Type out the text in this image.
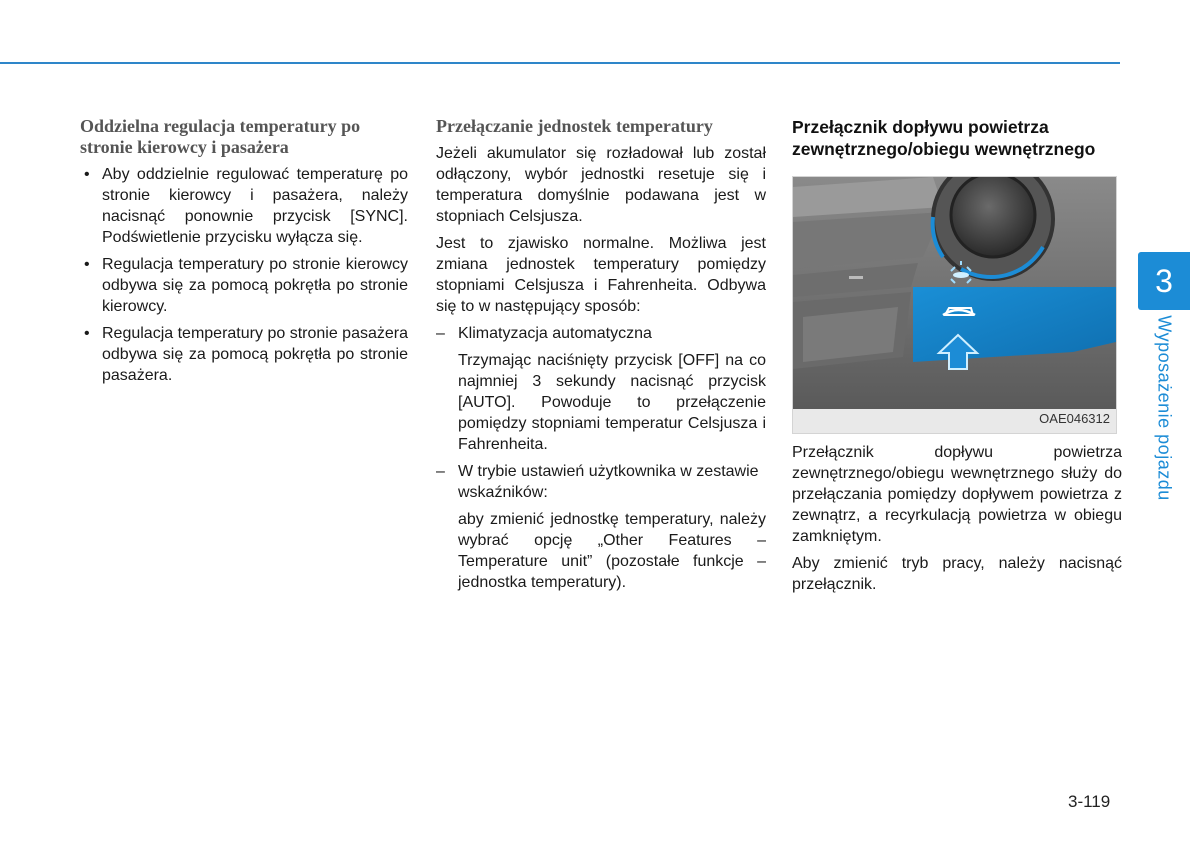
Oddzielna regulacja temperatury po stronie kierowcy i pasażera
• Aby oddzielnie regulować temperaturę po stronie kierowcy i pasażera, należy nacisnąć ponownie przycisk [SYNC]. Podświetlenie przycisku wyłącza się.
• Regulacja temperatury po stronie kierowcy odbywa się za pomocą pokrętła po stronie kierowcy.
• Regulacja temperatury po stronie pasażera odbywa się za pomocą pokrętła po stronie pasażera.
Przełączanie jednostek temperatury

Jeżeli akumulator się rozładował lub został odłączony, wybór jednostki resetuje się i temperatura domyślnie podawana jest w stopniach Celsjusza.

Jest to zjawisko normalne. Możliwa jest zmiana jednostek temperatury pomiędzy stopniami Celsjusza i Fahrenheita. Odbywa się to w następujący sposób:

– Klimatyzacja automatyczna

Trzymając naciśnięty przycisk [OFF] na co najmniej 3 sekundy nacisnąć przycisk [AUTO]. Powoduje to przełączenie pomiędzy stopniami temperatur Celsjusza i Fahrenheita.

– W trybie ustawień użytkownika w zestawie wskaźników:

aby zmienić jednostkę temperatury, należy wybrać opcję „Other Features – Temperature unit” (pozostałe funkcje – jednostka temperatury).

Przełącznik dopływu powietrza zewnętrznego/obiegu wewnętrznego
OAE046312

Przełącznik dopływu powietrza zewnętrznego/obiegu wewnętrznego służy do przełączania pomiędzy dopływem powietrza z zewnątrz, a recyrkulacją powietrza w obiegu zamkniętym.

Aby zmienić tryb pracy, należy nacisnąć przełącznik.

3
Wyposażenie pojazdu
3-119
